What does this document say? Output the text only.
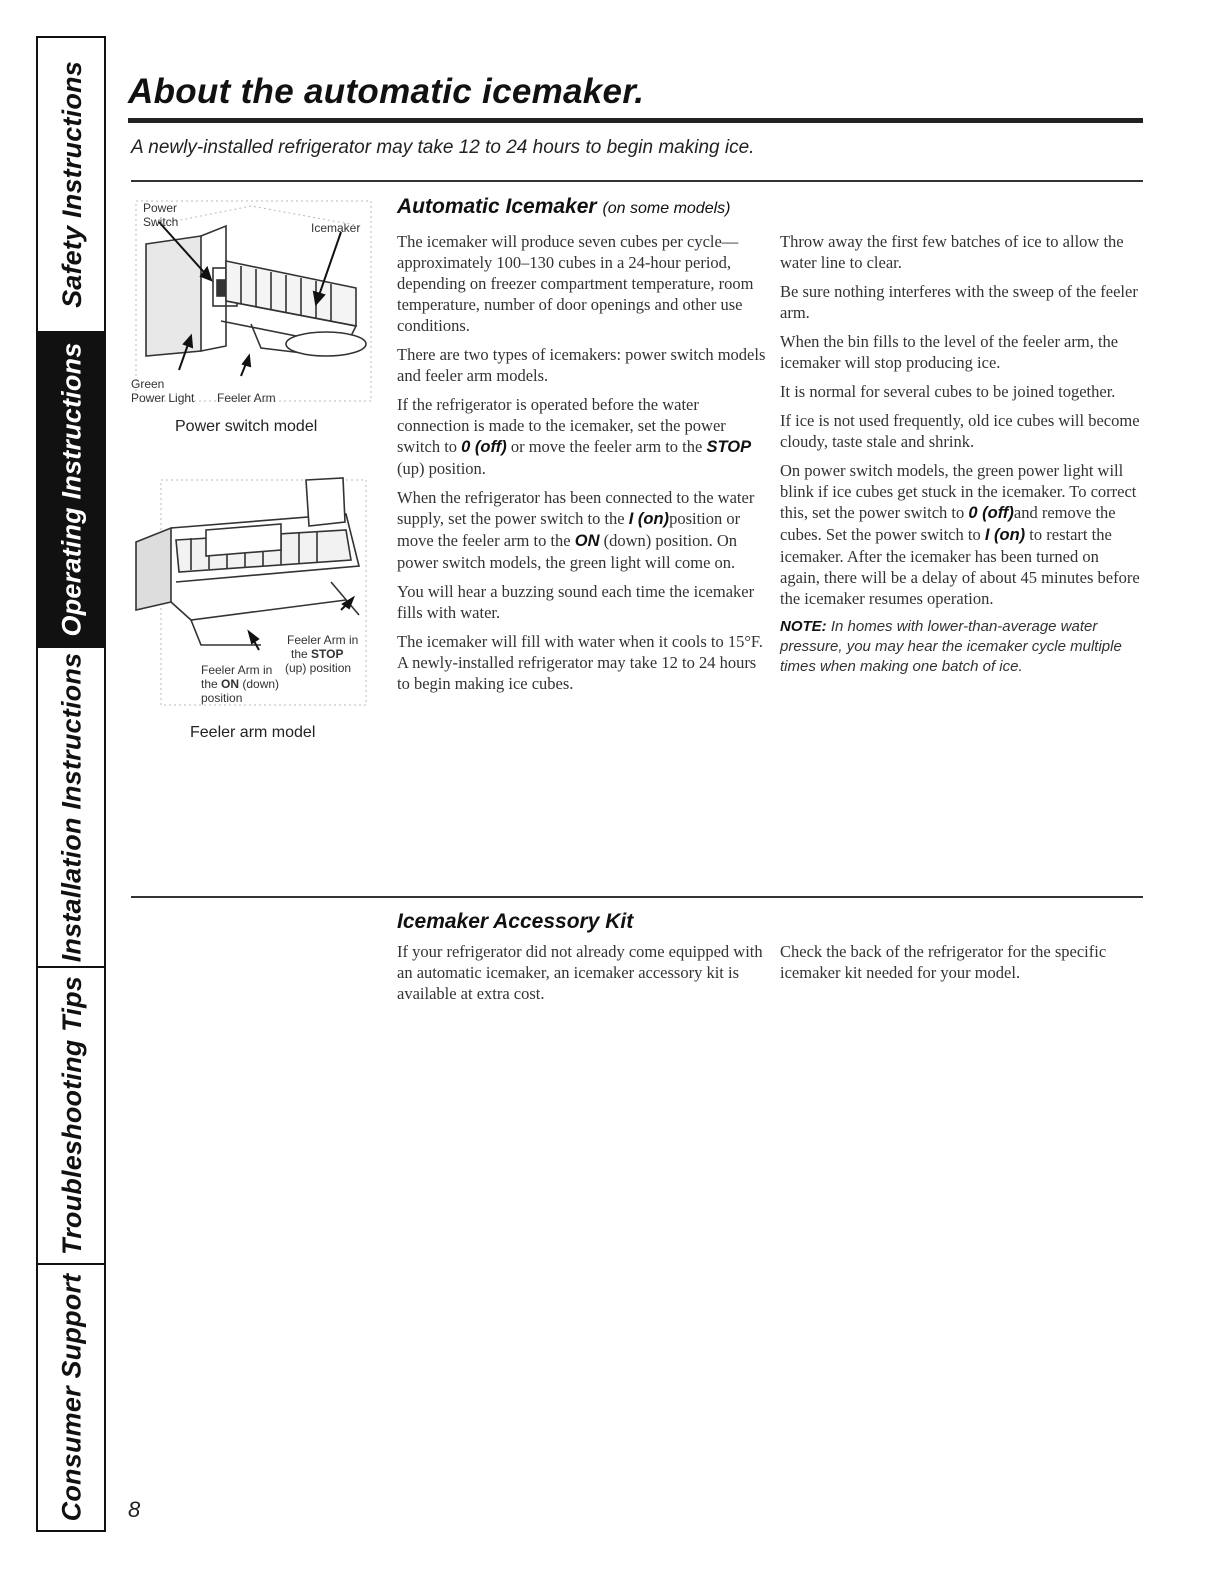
Safety Instructions
Operating Instructions
Installation Instructions
Troubleshooting Tips
Consumer Support
About the automatic icemaker.
A newly-installed refrigerator may take 12 to 24 hours to begin making ice.
Power
Switch	Icemaker
Green
Power Light Feeler Arm
Power switch model
Feeler Arm in
the STOP
(up) position
Feeler Arm in
the ON (down)
position
Feeler arm model
Automatic Icemaker (on some models)

The icemaker will produce seven cubes per cycle—approximately 100–130 cubes in a 24-hour period, depending on freezer compartment temperature, room temperature, number of door openings and other use conditions.

There are two types of icemakers: power switch models and feeler arm models.

If the refrigerator is operated before the water connection is made to the icemaker, set the power switch to 0 (off) or move the feeler arm to the STOP (up) position.

When the refrigerator has been connected to the water supply, set the power switch to the I (on)position or move the feeler arm to the ON (down) position. On power switch models, the green light will come on.

You will hear a buzzing sound each time the icemaker fills with water.

The icemaker will fill with water when it cools to 15°F. A newly-installed refrigerator may take 12 to 24 hours to begin making ice cubes.

Throw away the first few batches of ice to allow the water line to clear.

Be sure nothing interferes with the sweep of the feeler arm.

When the bin fills to the level of the feeler arm, the icemaker will stop producing ice.

It is normal for several cubes to be joined together.

If ice is not used frequently, old ice cubes will become cloudy, taste stale and shrink.

On power switch models, the green power light will blink if ice cubes get stuck in the icemaker. To correct this, set the power switch to 0 (off)and remove the cubes. Set the power switch to I (on) to restart the icemaker. After the icemaker has been turned on again, there will be a delay of about 45 minutes before the icemaker resumes operation.

NOTE: In homes with lower-than-average water pressure, you may hear the icemaker cycle multiple times when making one batch of ice.

Icemaker Accessory Kit

If your refrigerator did not already come equipped with an automatic icemaker, an icemaker accessory kit is available at extra cost.

Check the back of the refrigerator for the specific icemaker kit needed for your model.

8
